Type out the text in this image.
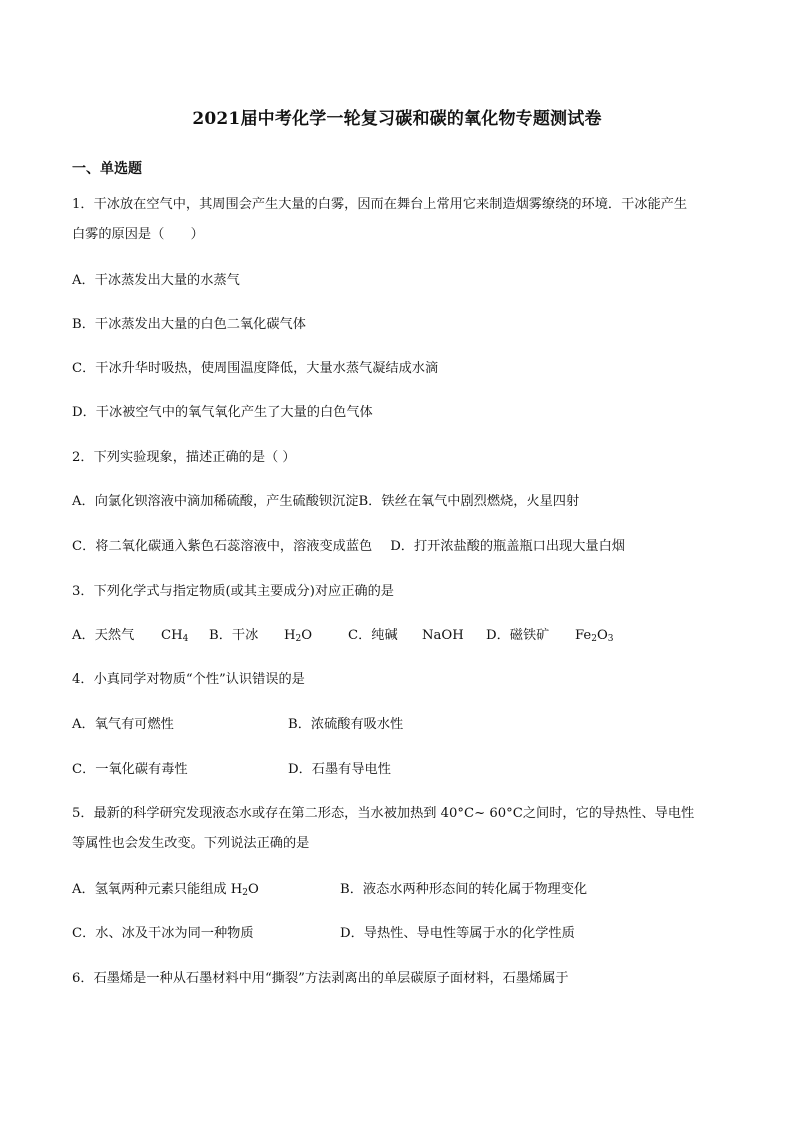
2021届中考化学一轮复习碳和碳的氧化物专题测试卷
一、单选题
1．干冰放在空气中，其周围会产生大量的白雾，因而在舞台上常用它来制造烟雾缭绕的环境．干冰能产生
白雾的原因是（　　）
A．干冰蒸发出大量的水蒸气
B．干冰蒸发出大量的白色二氧化碳气体
C．干冰升华时吸热，使周围温度降低，大量水蒸气凝结成水滴
D．干冰被空气中的氧气氧化产生了大量的白色气体
2．下列实验现象，描述正确的是（ ）
A．向氯化钡溶液中滴加稀硫酸，产生硫酸钡沉淀B．铁丝在氧气中剧烈燃烧，火星四射
C．将二氧化碳通入紫色石蕊溶液中，溶液变成蓝色 D．打开浓盐酸的瓶盖瓶口出现大量白烟
3．下列化学式与指定物质(或其主要成分)对应正确的是
A．天然气 $CH_4$ B．干冰 $H_2O$	C．纯碱 NaOH D．磁铁矿 $Fe_2O_3$
4．小真同学对物质“个性”认识错误的是
A．氧气有可燃性	B．浓硫酸有吸水性
C．一氧化碳有毒性	D．石墨有导电性
5．最新的科学研究发现液态水或存在第二形态，当水被加热到 40°C~ 60°C之间时，它的导热性、导电性
等属性也会发生改变。下列说法正确的是
A．氢氧两种元素只能组成 $H_2O$	B．液态水两种形态间的转化属于物理变化
C．水、冰及干冰为同一种物质	D．导热性、导电性等属于水的化学性质
6．石墨烯是一种从石墨材料中用“撕裂”方法剥离出的单层碳原子面材料，石墨烯属于
